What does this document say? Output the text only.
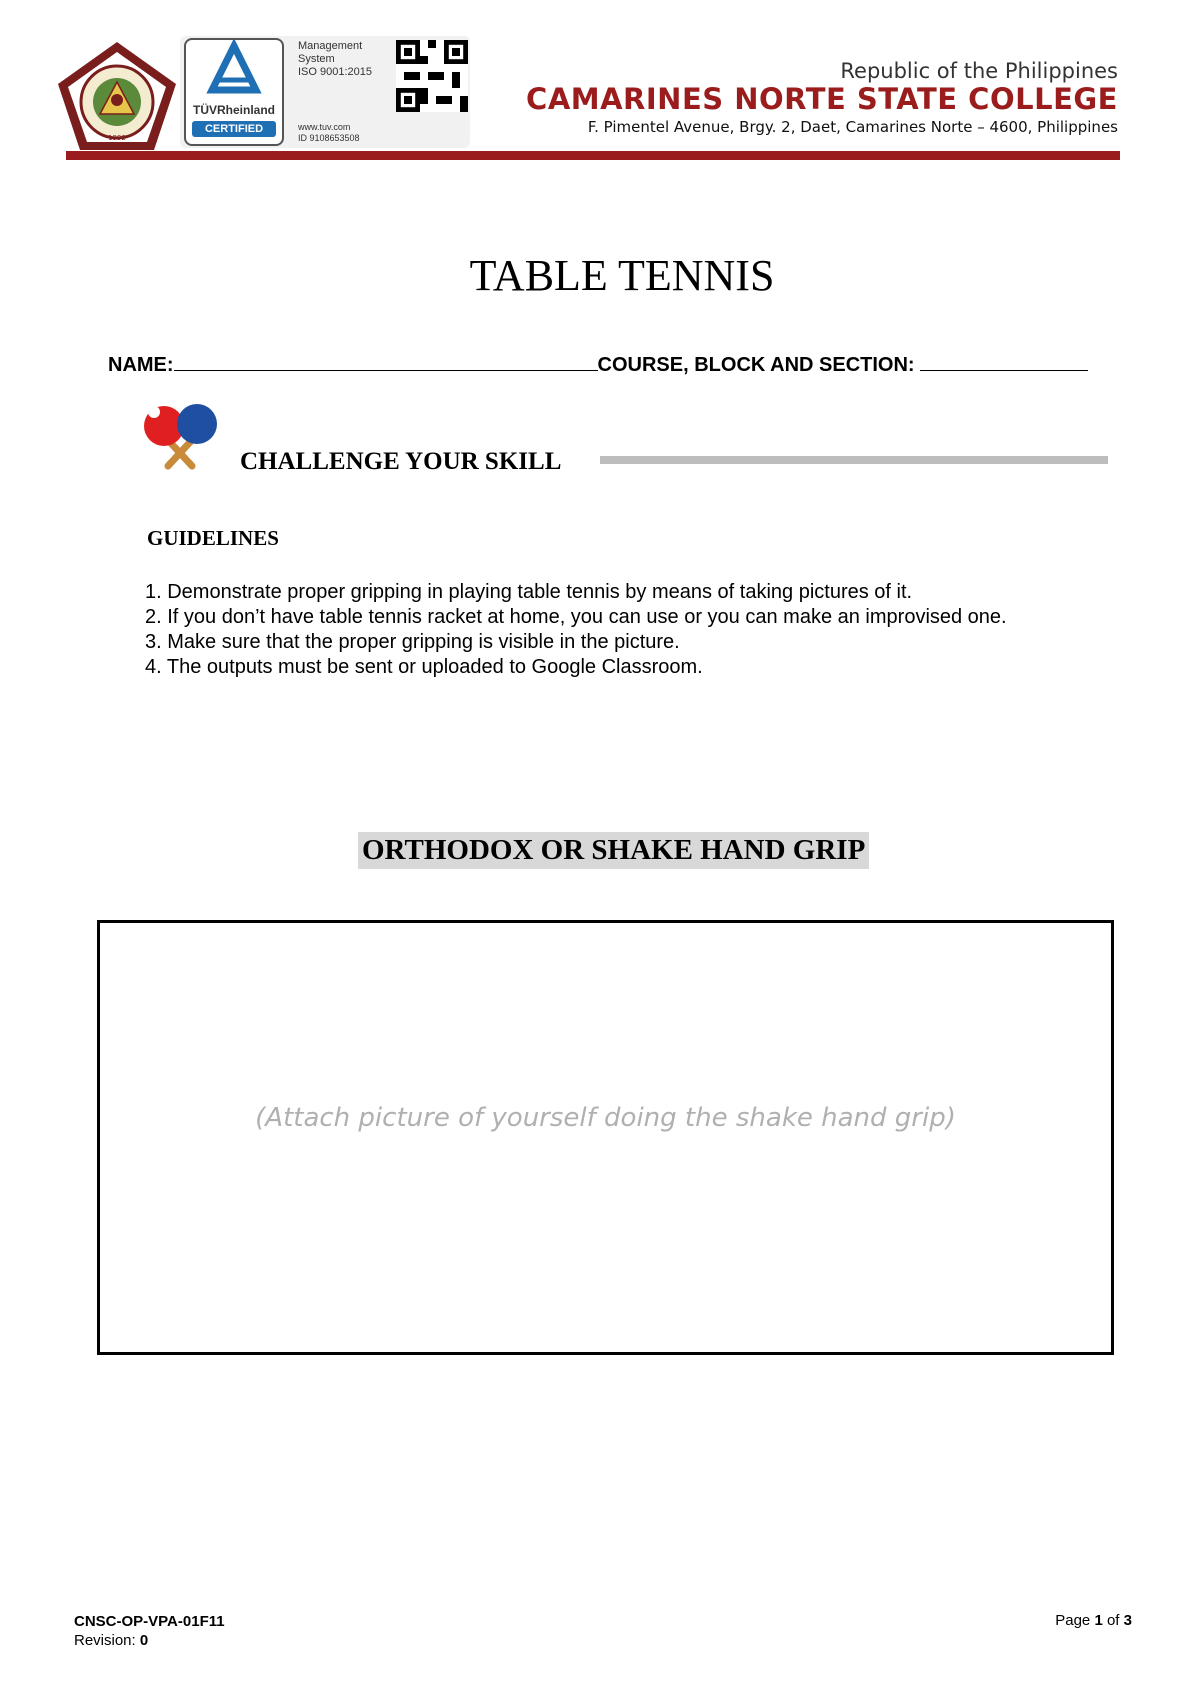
1992
TÜVRheinland
CERTIFIED
Management
System
ISO 9001:2015
www.tuv.com
ID 9108653508
Republic of the Philippines
CAMARINES NORTE STATE COLLEGE
F. Pimentel Avenue, Brgy. 2, Daet, Camarines Norte – 4600, Philippines
TABLE TENNIS
NAME:	COURSE, BLOCK AND SECTION:
CHALLENGE YOUR SKILL
GUIDELINES
1. Demonstrate proper gripping in playing table tennis by means of taking pictures of it.
2. If you don’t have table tennis racket at home, you can use or you can make an improvised one.
3. Make sure that the proper gripping is visible in the picture.
4. The outputs must be sent or uploaded to Google Classroom.
ORTHODOX OR SHAKE HAND GRIP
(Attach picture of yourself doing the shake hand grip)
CNSC-OP-VPA-01F11
Revision: 0
Page 1 of 3
